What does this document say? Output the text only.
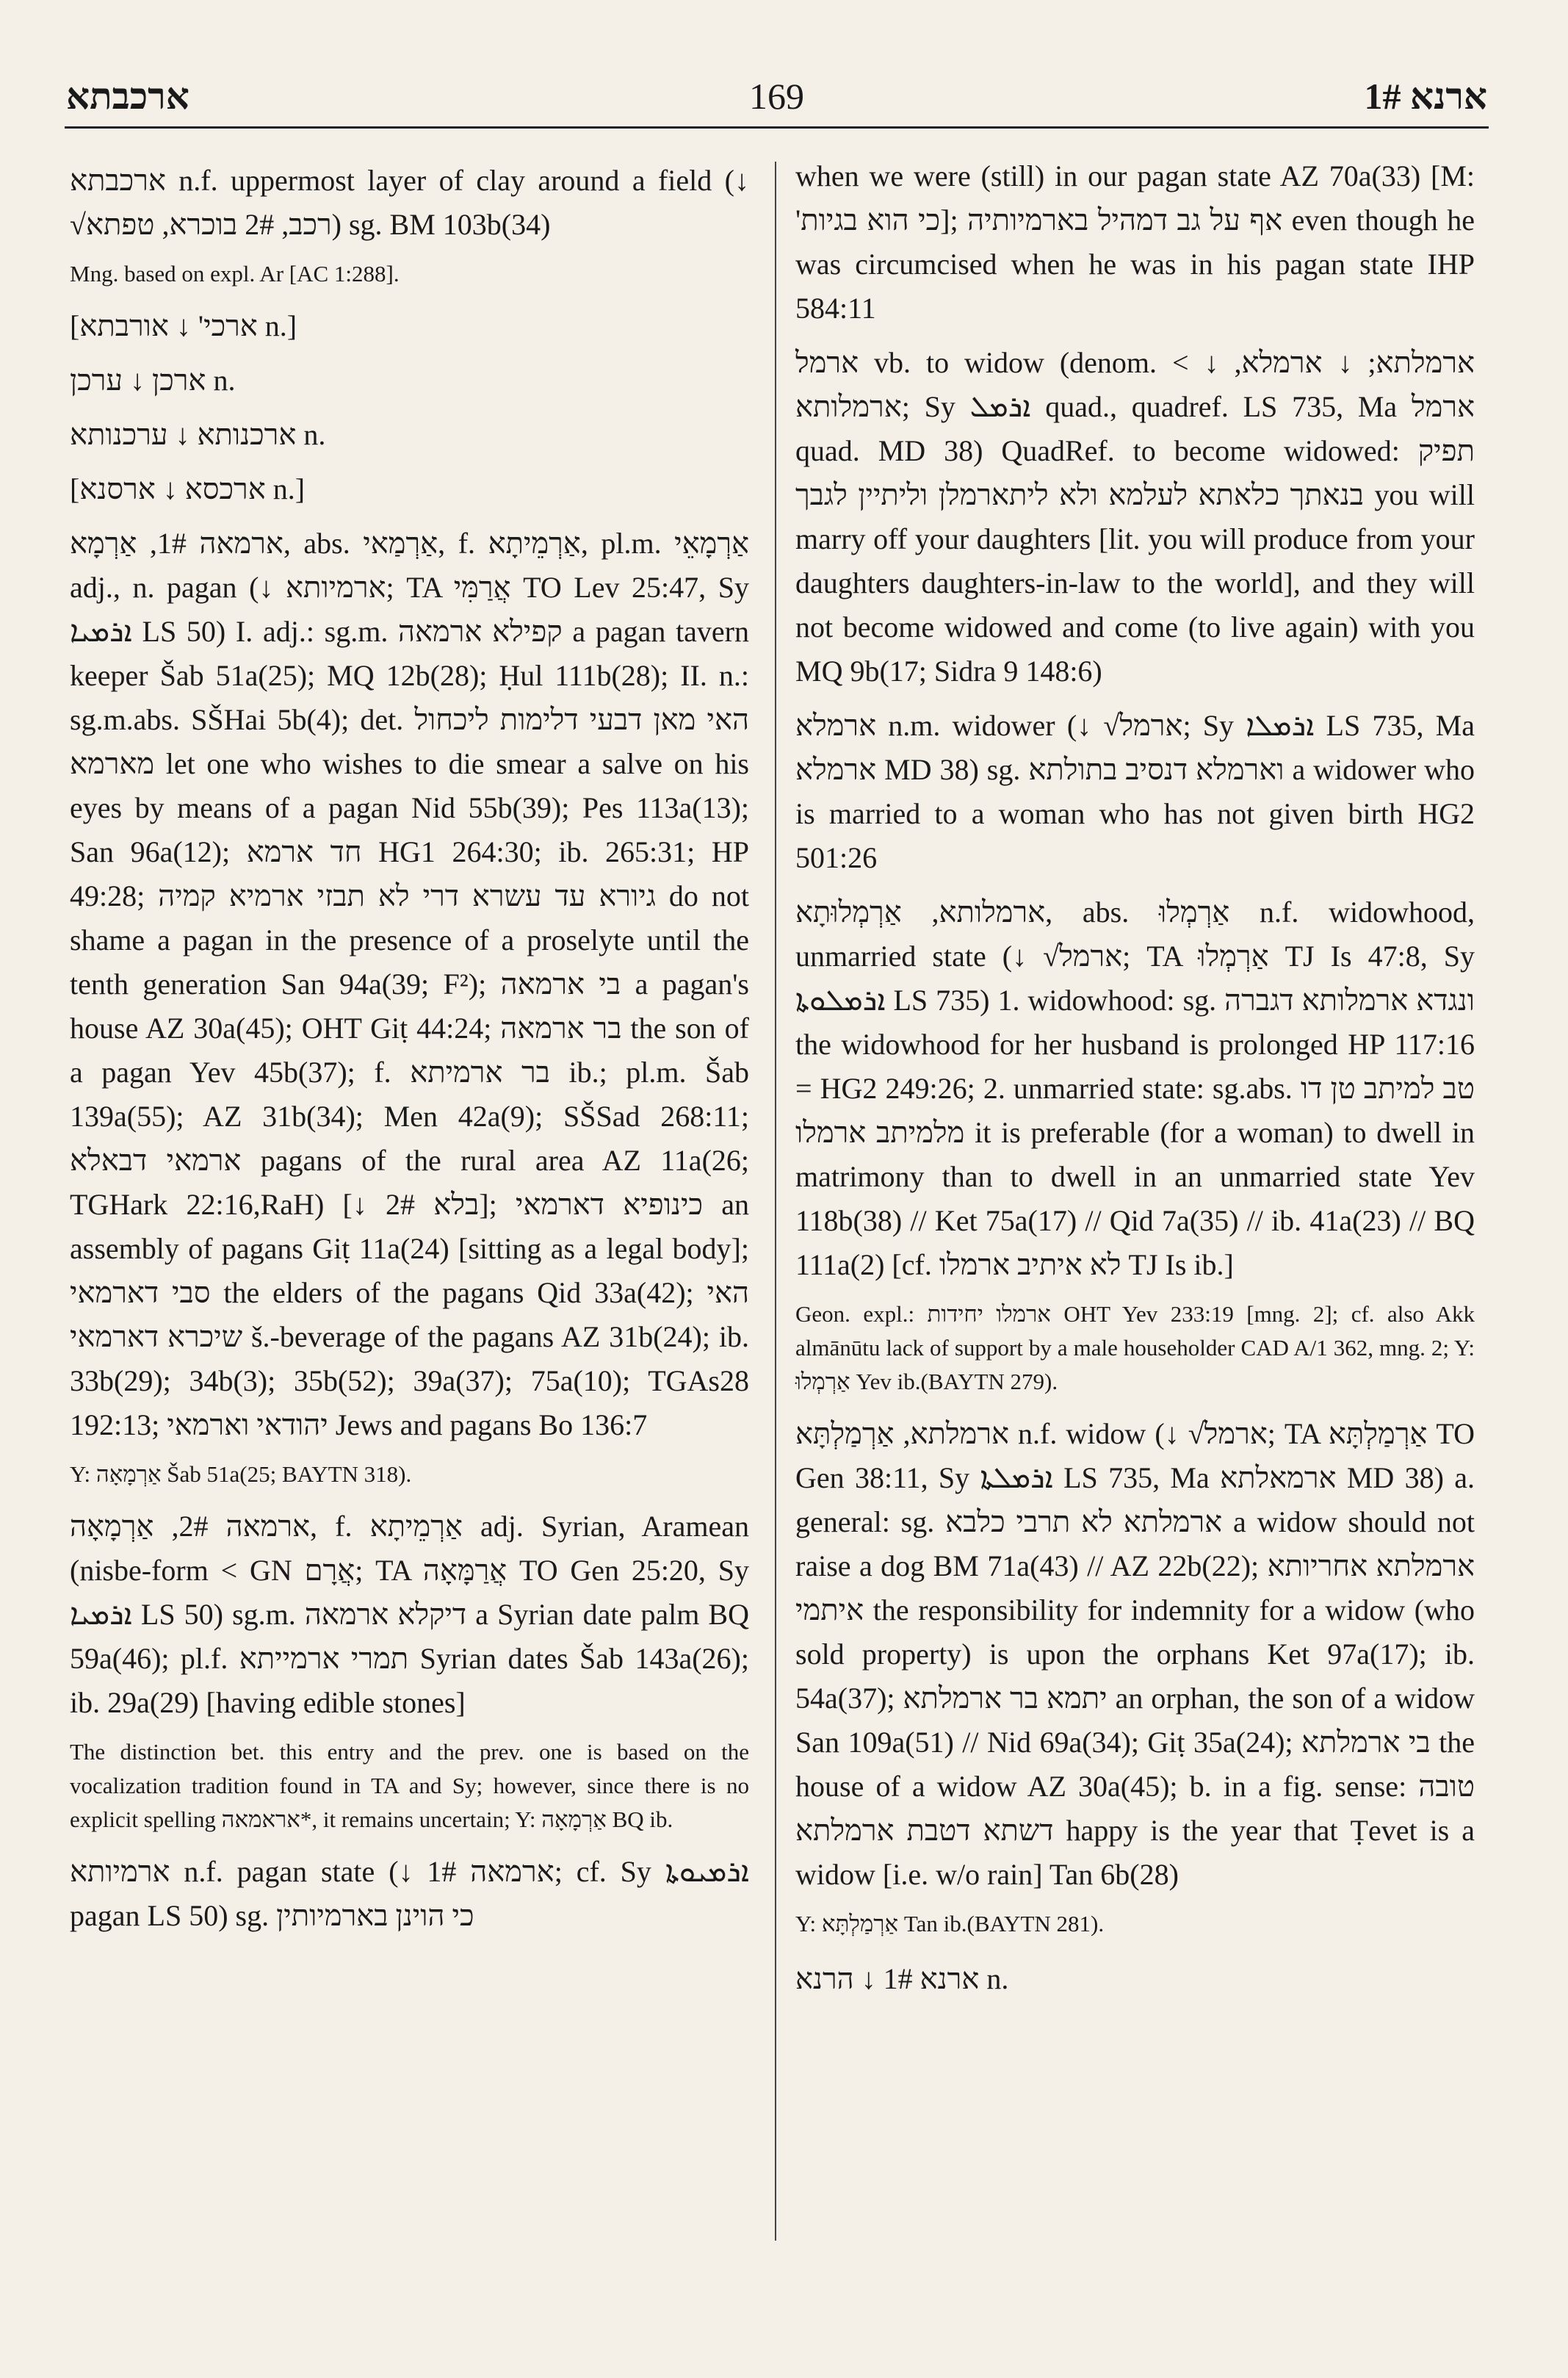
ארכבתא	169	ארנא 1#

ארכבתא n.f. uppermost layer of clay around a field (↓ √רכב, 2# בוכרא, טפתא) sg. BM 103b(34)

Mng. based on expl. Ar [AC 1:288].

[ארכי' ↓ אורבתא n.]

ארכן ↓ ערכן n.

ארכנותא ↓ ערכנותא n.

[ארכסא ↓ ארסנא n.]

ארמאה 1#, אַרְמָא, abs. אַרְמַאי, f. אַרְמֵיתָא, pl.m. אַרְמָאֵי adj., n. pagan (↓ ארמיותא; TA אֲרַמִּי TO Lev 25:47, Sy ܐܪܡܝܐ LS 50) I. adj.: sg.m. קפילא ארמאה a pagan tavern keeper Šab 51a(25); MQ 12b(28); Ḥul 111b(28); II. n.: sg.m.abs. SŠHai 5b(4); det. האי מאן דבעי דלימות ליכחול מארמא let one who wishes to die smear a salve on his eyes by means of a pagan Nid 55b(39); Pes 113a(13); San 96a(12); חד ארמא HG1 264:30; ib. 265:31; HP 49:28; גיורא עד עשרא דרי לא תבזי ארמיא קמיה do not shame a pagan in the presence of a proselyte until the tenth generation San 94a(39; F²); בי ארמאה a pagan's house AZ 30a(45); OHT Giṭ 44:24; בר ארמאה the son of a pagan Yev 45b(37); f. בר ארמיתא ib.; pl.m. Šab 139a(55); AZ 31b(34); Men 42a(9); SŠSad 268:11; ארמאי דבאלא pagans of the rural area AZ 11a(26; TGHark 22:16,RaH) [↓ בלא 2#]; כינופיא דארמאי an assembly of pagans Giṭ 11a(24) [sitting as a legal body]; סבי דארמאי the elders of the pagans Qid 33a(42); האי שיכרא דארמאי š.-beverage of the pagans AZ 31b(24); ib. 33b(29); 34b(3); 35b(52); 39a(37); 75a(10); TGAs28 192:13; יהודאי וארמאי Jews and pagans Bo 136:7

Y: אַרְמָאָה Šab 51a(25; BAYTN 318).

ארמאה 2#, אַרְמָאָה, f. אַרְמֵיתָא adj. Syrian, Aramean (nisbe-form < GN אֲרָם; TA אֲרַמָּאָה TO Gen 25:20, Sy ܐܪܡܝܐ LS 50) sg.m. דיקלא ארמאה a Syrian date palm BQ 59a(46); pl.f. תמרי ארמייתא Syrian dates Šab 143a(26); ib. 29a(29) [having edible stones]

The distinction bet. this entry and the prev. one is based on the vocalization tradition found in TA and Sy; however, since there is no explicit spelling אראמאה*, it remains uncertain; Y: אַרְמָאָה BQ ib.

ארמיותא n.f. pagan state (↓ ארמאה 1#; cf. Sy ܐܪܡܝܘܬܐ pagan LS 50) sg. כי הוינן בארמיותין

when we were (still) in our pagan state AZ 70a(33) [M: 'כי הוא בגיות]; אף על גב דמהיל בארמיותיה even though he was circumcised when he was in his pagan state IHP 584:11

ארמל vb. to widow (denom. < ↓ ארמלתא; ↓ ארמלא, ארמלותא; Sy ܐܪܡܠ quad., quadref. LS 735, Ma ארמל quad. MD 38) QuadRef. to become widowed: תפיק בנאתך כלאתא לעלמא ולא ליתארמלן וליתיין לגבך you will marry off your daughters [lit. you will produce from your daughters daughters-in-law to the world], and they will not become widowed and come (to live again) with you MQ 9b(17; Sidra 9 148:6)

ארמלא n.m. widower (↓ √ארמל; Sy ܐܪܡܠܐ LS 735, Ma ארמלא MD 38) sg. וארמלא דנסיב בתולתא a widower who is married to a woman who has not given birth HG2 501:26

ארמלותא, אַרְמְלוּתָא, abs. אַרְמְלוּ n.f. widowhood, unmarried state (↓ √ארמל; TA אַרְמְלוּ TJ Is 47:8, Sy ܐܪܡܠܘܬܐ LS 735) 1. widowhood: sg. ונגדא ארמלותא דגברה the widowhood for her husband is prolonged HP 117:16 = HG2 249:26; 2. unmarried state: sg.abs. טב למיתב טן דו מלמיתב ארמלו it is preferable (for a woman) to dwell in matrimony than to dwell in an unmarried state Yev 118b(38) // Ket 75a(17) // Qid 7a(35) // ib. 41a(23) // BQ 111a(2) [cf. לא איתיב ארמלו TJ Is ib.]

Geon. expl.: ארמלו יחידות OHT Yev 233:19 [mng. 2]; cf. also Akk almānūtu lack of support by a male householder CAD A/1 362, mng. 2; Y: אַרְמְלוּ Yev ib.(BAYTN 279).

ארמלתא, אַרְמַלְתָּא n.f. widow (↓ √ארמל; TA אַרְמַלְתָּא TO Gen 38:11, Sy ܐܪܡܠܬܐ LS 735, Ma ארמאלתא MD 38) a. general: sg. ארמלתא לא תרבי כלבא a widow should not raise a dog BM 71a(43) // AZ 22b(22); ארמלתא אחריותא איתמי the responsibility for indemnity for a widow (who sold property) is upon the orphans Ket 97a(17); ib. 54a(37); יתמא בר ארמלתא an orphan, the son of a widow San 109a(51) // Nid 69a(34); Giṭ 35a(24); בי ארמלתא the house of a widow AZ 30a(45); b. in a fig. sense: טובה דשתא דטבת ארמלתא happy is the year that Ṭevet is a widow [i.e. w/o rain] Tan 6b(28)

Y: אַרְמַלְתָּא Tan ib.(BAYTN 281).

ארנא 1# ↓ הרנא n.
